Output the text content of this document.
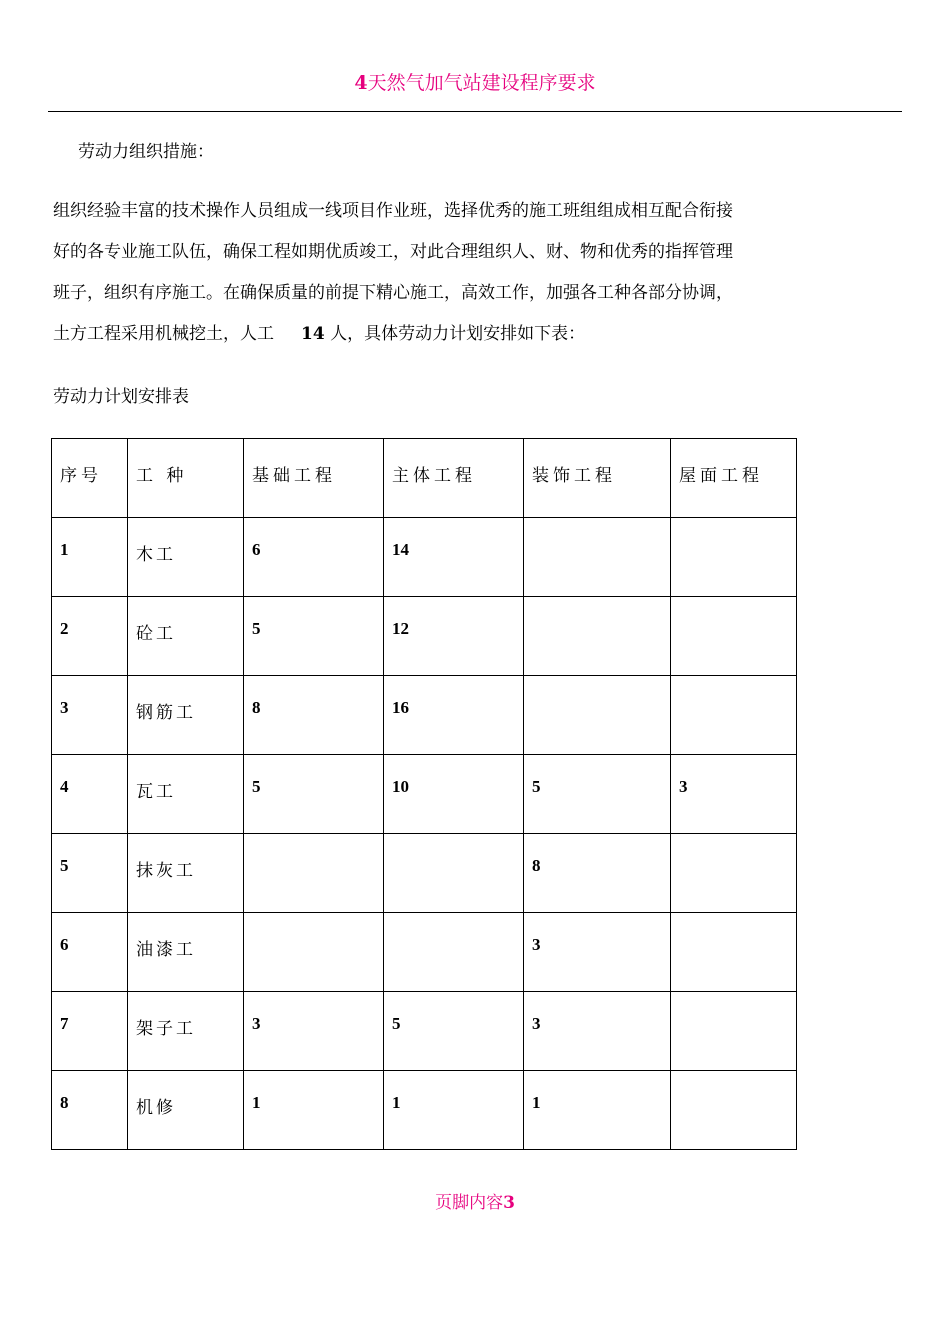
4天然气加气站建设程序要求

劳动力组织措施：

组织经验丰富的技术操作人员组成一线项目作业班，选择优秀的施工班组组成相互配合衔接
好的各专业施工队伍，确保工程如期优质竣工，对此合理组织人、财、物和优秀的指挥管理
班子，组织有序施工。在确保质量的前提下精心施工，高效工作，加强各工种各部分协调，
土方工程采用机械挖土，人工 14 人，具体劳动力计划安排如下表：

劳动力计划安排表

序号	工 种	基础工程	主体工程	装饰工程	屋面工程
1	木工	6	14		
2	砼工	5	12		
3	钢筋工	8	16		
4	瓦工	5	10	5	3
5	抹灰工			8	
6	油漆工			3	
7	架子工	3	5	3	
8	机修	1	1	1	
页脚内容3
